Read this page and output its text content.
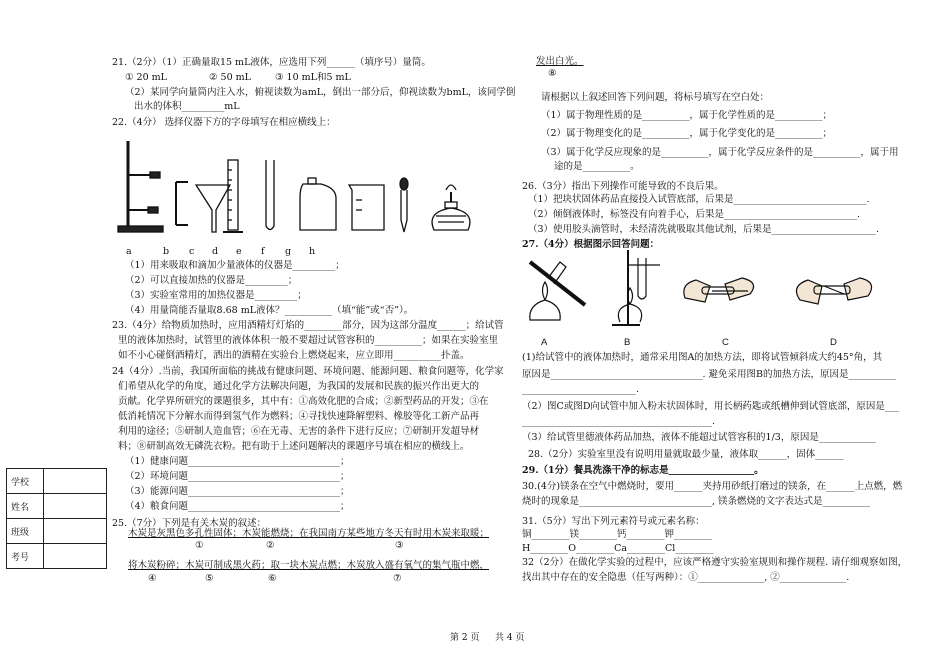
21.（2分）（1）正确量取15 mL液体，应选用下列______（填序号）量筒。
① 20 mL	② 50 mL	③ 10 mL和5 mL
（2）某同学向量筒内注入水，俯视读数为amL，倒出一部分后，仰视读数为bmL，该同学倒
出水的体积_________mL
22.（4分） 选择仪器下方的字母填写在相应横线上：
a	b c d e f g h
（1）用来吸取和滴加少量液体的仪器是_________；
（2）可以直接加热的仪器是_________；
（3）实验室常用的加热仪器是_________；
（4）用量筒能否量取8.68 mL液体？__________（填“能”或“否”）。
23.（4分）给物质加热时，应用酒精灯灯焰的________部分，因为这部分温度______；给试管
里的液体加热时，试管里的液体体积一般不要超过试管容积的__________；如果在实验室里
如不小心碰倒酒精灯，洒出的酒精在实验台上燃烧起来，应立即用__________扑盖。
24（4分）.当前，我国所面临的挑战有健康问题、环境问题、能源问题、粮食问题等，化学家
们希望从化学的角度，通过化学方法解决问题，为我国的发展和民族的振兴作出更大的
贡献。化学界所研究的课题很多，其中有：①高效化肥的合成；②新型药品的开发；③在
低消耗情况下分解水而得到氢气作为燃料；④寻找快速降解塑料、橡胶等化工新产品再
利用的途径；⑤研制人造血管；⑥在无毒、无害的条件下进行反应；⑦研制开发超导材
料；⑧研制高效无磷洗衣粉。把有助于上述问题解决的课题序号填在相应的横线上。
（1）健康问题________________________________；
（2）环境问题________________________________；
（3）能源问题________________________________；
（4）粮食问题________________________________；
25.（7分）下列是有关木炭的叙述：
木炭是灰黑色多孔性固体；木炭能燃烧；在我国南方某些地方冬天有时用木炭来取暖；
①	②	③
将木炭粉碎；木炭可制成黑火药；取一块木炭点燃；木炭放入盛有氧气的集气瓶中燃，
④	⑤	⑥	⑦
学校	
姓名	
班级	
考号	
发出白光。
⑧
请根据以上叙述回答下列问题，将标号填写在空白处：
（1）属于物理性质的是__________，属于化学性质的是__________；
（2）属于物理变化的是__________，属于化学变化的是__________；
（3）属于化学反应现象的是__________，属于化学反应条件的是__________，属于用
途的是__________。
26.（3分）指出下列操作可能导致的不良后果。
（1）把块状固体药品直接投入试管底部，后果是____________________________.
（2）倾倒液体时，标签没有向着手心，后果是____________________________.
（3）使用胶头滴管时，未经清洗就吸取其他试剂，后果是______________________.
27.（4分）根据图示回答问题：
A	B	C	D
(1)给试管中的液体加热时，通常采用图A的加热方法，即将试管倾斜成大约45°角，其
原因是________________________________. 避免采用图B的加热方法，原因是__________
________________________.
（2）图C或图D向试管中加入粉末状固体时，用长柄药匙或纸槽伸到试管底部，原因是___
________________________________________.
（3）给试管里德液体药品加热，液体不能超过试管容积的1/3，原因是____________
28.（2分）实验室里没有说明用量就取最少量，液体取______，固体______
29.（1分）餐具洗涤干净的标志是__________________。
30.(4分)镁条在空气中燃烧时，要用______夹持用砂纸打磨过的镁条，在______上点燃，燃
烧时的现象是____________________________, 镁条燃烧的文字表达式是__________
31.（5分）写出下列元素符号或元素名称：
铜________镁________钙________钾________
H________O________Ca________Cl________
32（2分）在做化学实验的过程中，应该严格遵守实验室规则和操作规程. 请仔细观察如图，
找出其中存在的安全隐患（任写两种）：①______________, ②______________.
第 2 页 共 4 页
